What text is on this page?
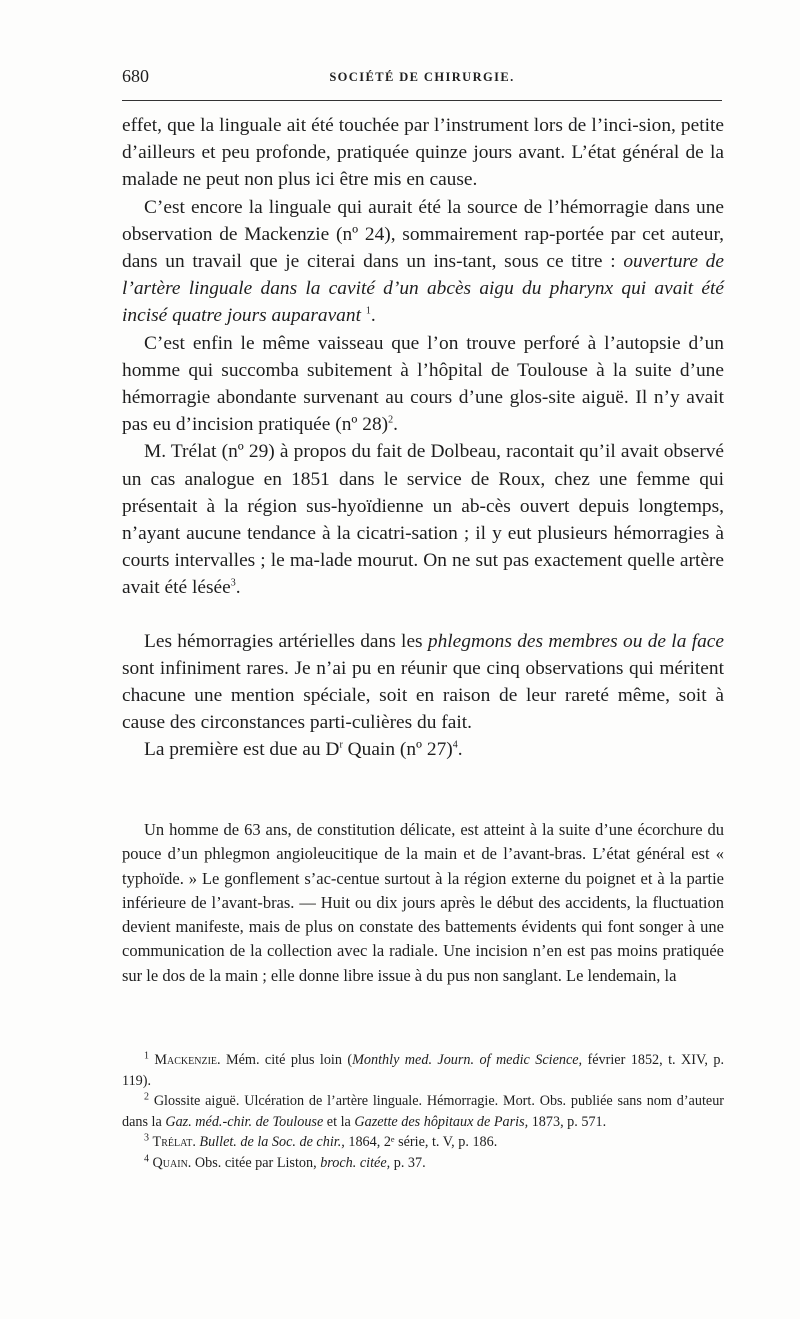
680	SOCIÉTÉ DE CHIRURGIE.

effet, que la linguale ait été touchée par l’instrument lors de l’inci-sion, petite d’ailleurs et peu profonde, pratiquée quinze jours avant. L’état général de la malade ne peut non plus ici être mis en cause.

C’est encore la linguale qui aurait été la source de l’hémorragie dans une observation de Mackenzie (nº 24), sommairement rap-portée par cet auteur, dans un travail que je citerai dans un ins-tant, sous ce titre : ouverture de l’artère linguale dans la cavité d’un abcès aigu du pharynx qui avait été incisé quatre jours auparavant $^1$.

C’est enfin le même vaisseau que l’on trouve perforé à l’autopsie d’un homme qui succomba subitement à l’hôpital de Toulouse à la suite d’une hémorragie abondante survenant au cours d’une glos-site aiguë. Il n’y avait pas eu d’incision pratiquée (nº 28)$^2$.

M. Trélat (nº 29) à propos du fait de Dolbeau, racontait qu’il avait observé un cas analogue en 1851 dans le service de Roux, chez une femme qui présentait à la région sus-hyoïdienne un ab-cès ouvert depuis longtemps, n’ayant aucune tendance à la cicatri-sation ; il y eut plusieurs hémorragies à courts intervalles ; le ma-lade mourut. On ne sut pas exactement quelle artère avait été lésée$^3$.

Les hémorragies artérielles dans les phlegmons des membres ou de la face sont infiniment rares. Je n’ai pu en réunir que cinq observations qui méritent chacune une mention spéciale, soit en raison de leur rareté même, soit à cause des circonstances parti-culières du fait.

La première est due au $D^r$ Quain (nº 27)$^4$.

Un homme de 63 ans, de constitution délicate, est atteint à la suite d’une écorchure du pouce d’un phlegmon angioleucitique de la main et de l’avant-bras. L’état général est « typhoïde. » Le gonflement s’ac-centue surtout à la région externe du poignet et à la partie inférieure de l’avant-bras. — Huit ou dix jours après le début des accidents, la fluctuation devient manifeste, mais de plus on constate des battements évidents qui font songer à une communication de la collection avec la radiale. Une incision n’en est pas moins pratiquée sur le dos de la main ; elle donne libre issue à du pus non sanglant. Le lendemain, la

$^1$ Mackenzie. Mém. cité plus loin (Monthly med. Journ. of medic Science, février 1852, t. XIV, p. 119).

$^2$ Glossite aiguë. Ulcération de l’artère linguale. Hémorragie. Mort. Obs. publiée sans nom d’auteur dans la Gaz. méd.-chir. de Toulouse et la Gazette des hôpitaux de Paris, 1873, p. 571.

$^3$ Trélat. Bullet. de la Soc. de chir., 1864, 2ᵉ série, t. V, p. 186.

$^4$ Quain. Obs. citée par Liston, broch. citée, p. 37.
